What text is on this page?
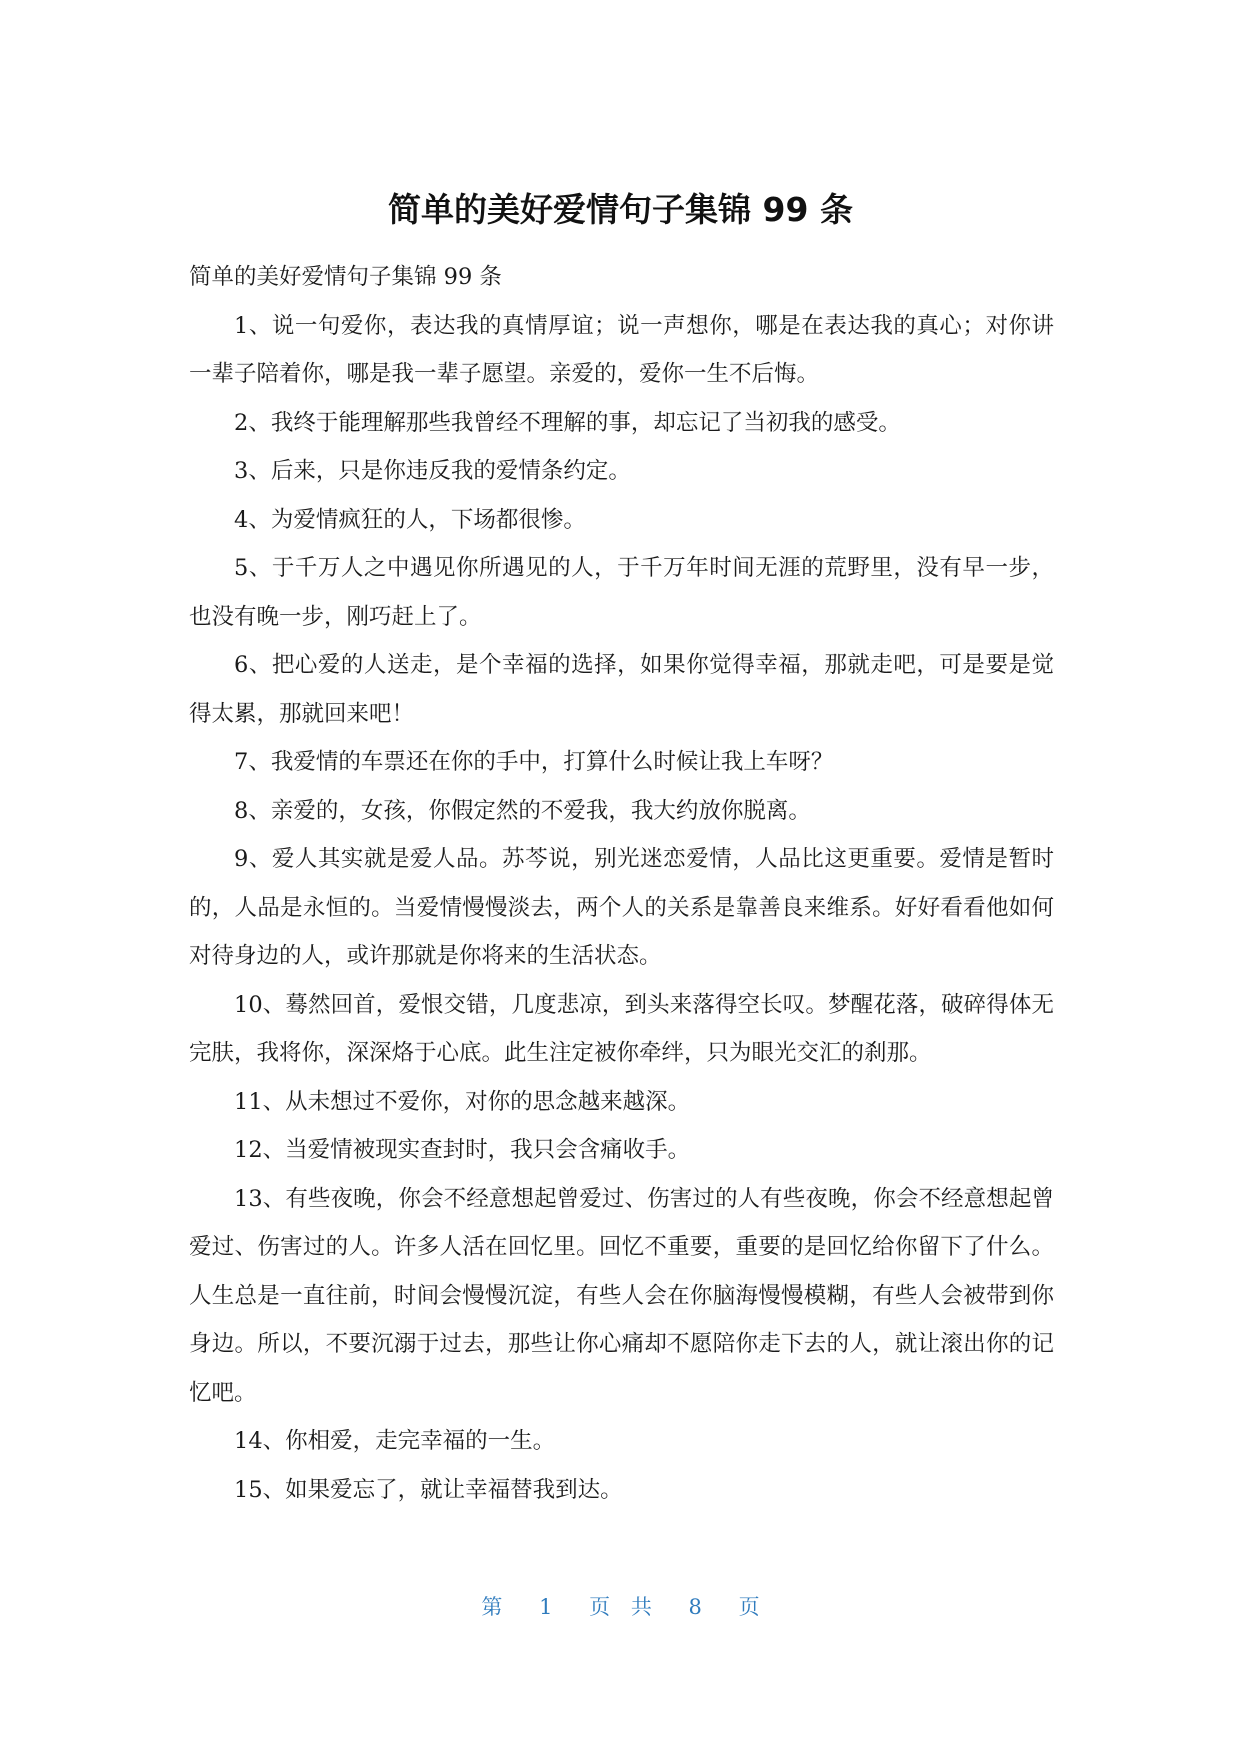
简单的美好爱情句子集锦 99 条

简单的美好爱情句子集锦 99 条

1、说一句爱你，表达我的真情厚谊；说一声想你，哪是在表达我的真心；对你讲一辈子陪着你，哪是我一辈子愿望。亲爱的，爱你一生不后悔。

2、我终于能理解那些我曾经不理解的事，却忘记了当初我的感受。

3、后来，只是你违反我的爱情条约定。

4、为爱情疯狂的人，下场都很惨。

5、于千万人之中遇见你所遇见的人，于千万年时间无涯的荒野里，没有早一步，也没有晚一步，刚巧赶上了。

6、把心爱的人送走，是个幸福的选择，如果你觉得幸福，那就走吧，可是要是觉得太累，那就回来吧！

7、我爱情的车票还在你的手中，打算什么时候让我上车呀？

8、亲爱的，女孩，你假定然的不爱我，我大约放你脱离。

9、爱人其实就是爱人品。苏芩说，别光迷恋爱情，人品比这更重要。爱情是暂时的，人品是永恒的。当爱情慢慢淡去，两个人的关系是靠善良来维系。好好看看他如何对待身边的人，或许那就是你将来的生活状态。

10、蓦然回首，爱恨交错，几度悲凉，到头来落得空长叹。梦醒花落，破碎得体无完肤，我将你，深深烙于心底。此生注定被你牵绊，只为眼光交汇的刹那。

11、从未想过不爱你，对你的思念越来越深。

12、当爱情被现实查封时，我只会含痛收手。

13、有些夜晚，你会不经意想起曾爱过、伤害过的人有些夜晚，你会不经意想起曾爱过、伤害过的人。许多人活在回忆里。回忆不重要，重要的是回忆给你留下了什么。人生总是一直往前，时间会慢慢沉淀，有些人会在你脑海慢慢模糊，有些人会被带到你身边。所以，不要沉溺于过去，那些让你心痛却不愿陪你走下去的人，就让滚出你的记忆吧。

14、你相爱，走完幸福的一生。

15、如果爱忘了，就让幸福替我到达。

第 1 页 共 8 页
